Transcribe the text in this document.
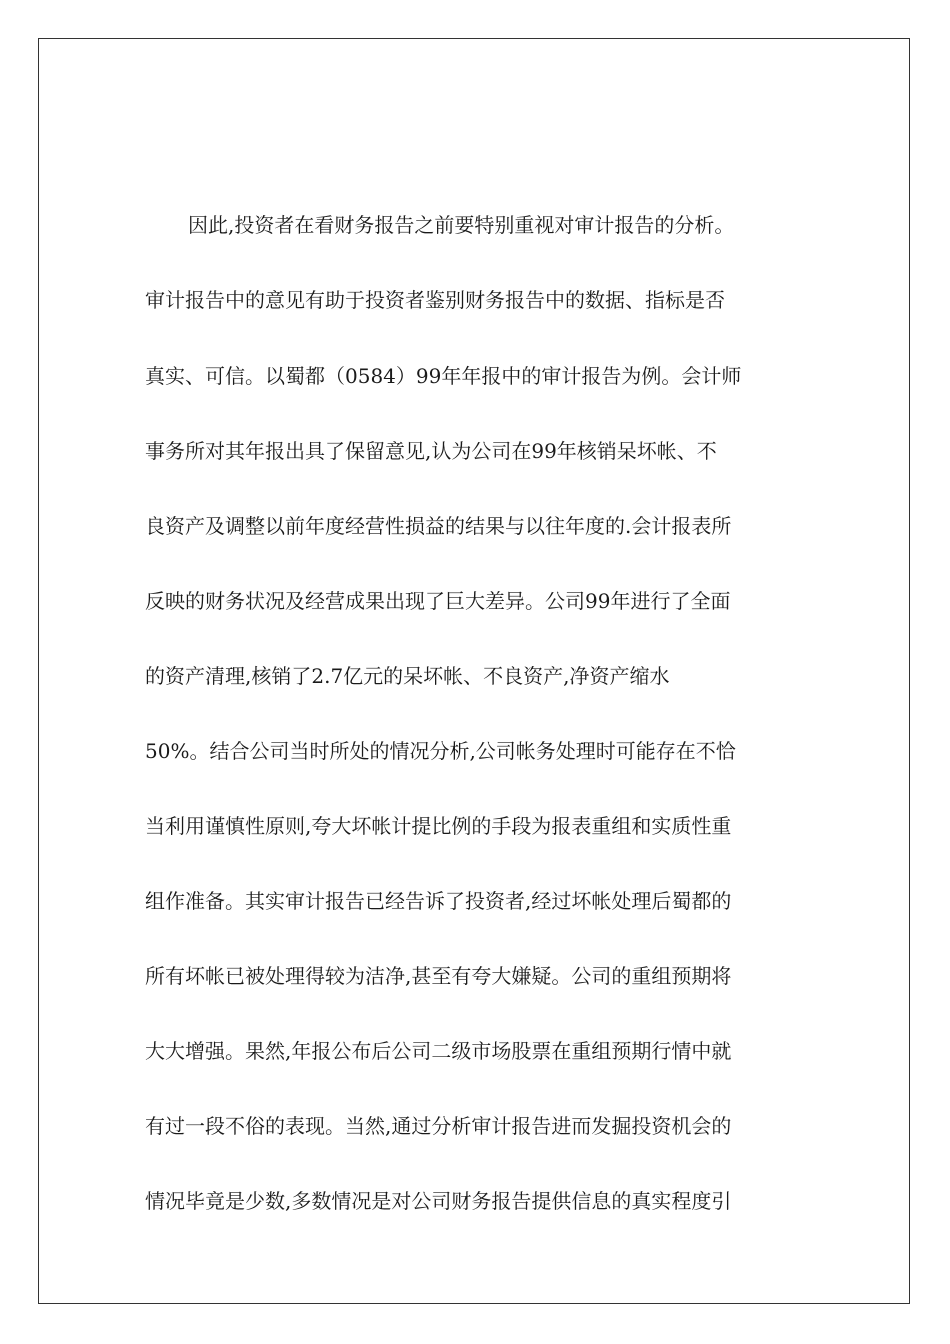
因此,投资者在看财务报告之前要特别重视对审计报告的分析。
审计报告中的意见有助于投资者鉴别财务报告中的数据、指标是否
真实、可信。以蜀都（0584）99年年报中的审计报告为例。会计师
事务所对其年报出具了保留意见,认为公司在99年核销呆坏帐、不
良资产及调整以前年度经营性损益的结果与以往年度的.会计报表所
反映的财务状况及经营成果出现了巨大差异。公司99年进行了全面
的资产清理,核销了2.7亿元的呆坏帐、不良资产,净资产缩水
50%。结合公司当时所处的情况分析,公司帐务处理时可能存在不恰
当利用谨慎性原则,夸大坏帐计提比例的手段为报表重组和实质性重
组作准备。其实审计报告已经告诉了投资者,经过坏帐处理后蜀都的
所有坏帐已被处理得较为洁净,甚至有夸大嫌疑。公司的重组预期将
大大增强。果然,年报公布后公司二级市场股票在重组预期行情中就
有过一段不俗的表现。当然,通过分析审计报告进而发掘投资机会的
情况毕竟是少数,多数情况是对公司财务报告提供信息的真实程度引
